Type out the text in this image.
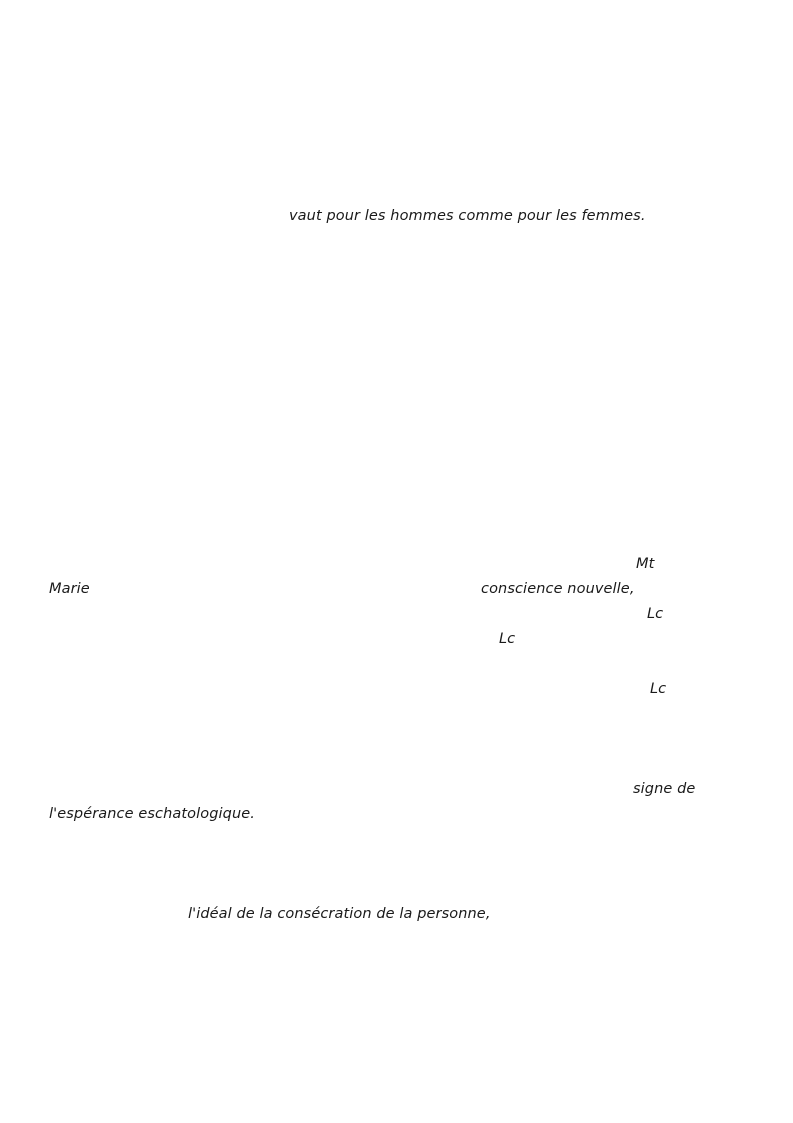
vaut pour les hommes comme pour les femmes.
Mt
Marie	conscience nouvelle,
Lc
Lc
Lc
signe de
l'espérance eschatologique.
l'idéal de la consécration de la personne,
